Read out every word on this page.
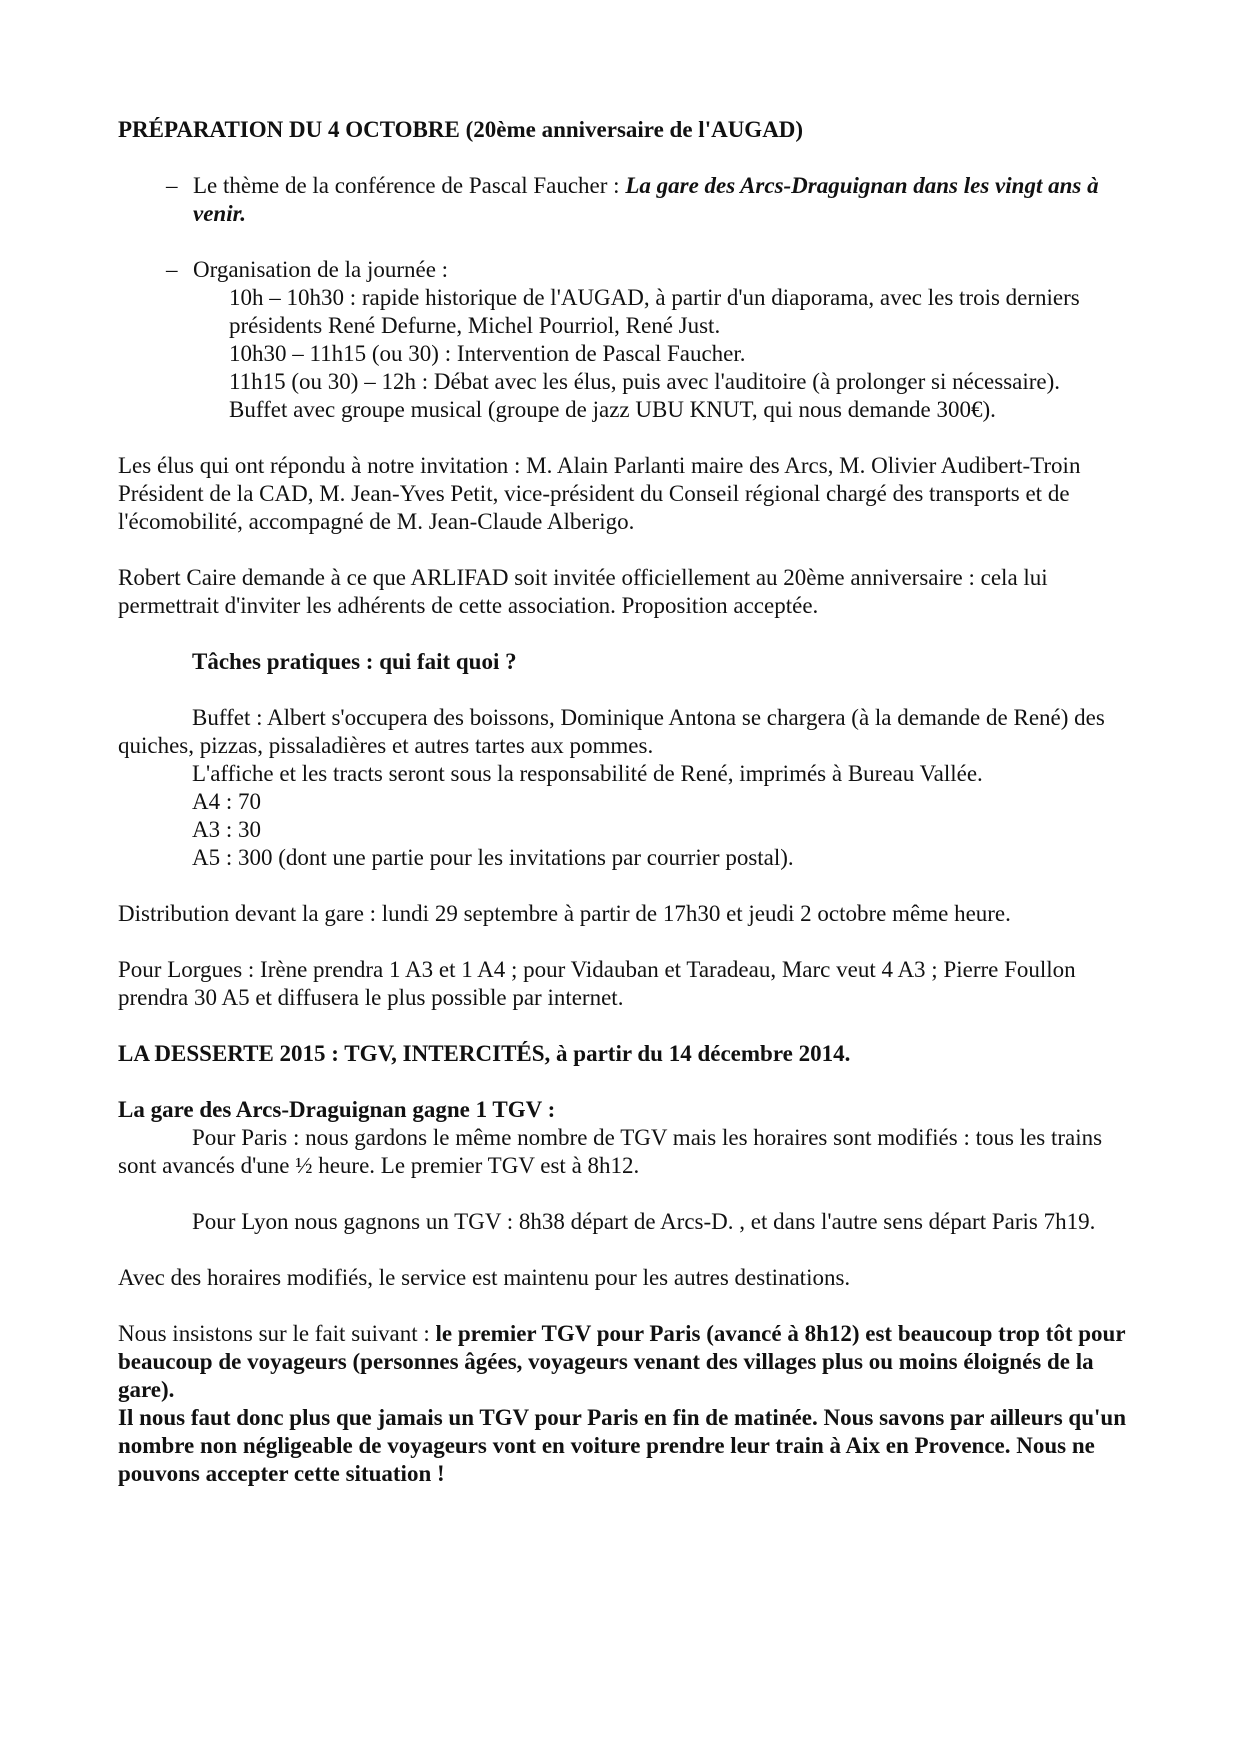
PRÉPARATION DU 4 OCTOBRE (20ème anniversaire de l'AUGAD)

– Le thème de la conférence de Pascal Faucher : La gare des Arcs-Draguignan dans les vingt ans à venir.
– Organisation de la journée :

10h – 10h30 : rapide historique de l'AUGAD, à partir d'un diaporama, avec les trois derniers présidents René Defurne, Michel Pourriol, René Just.

10h30 – 11h15 (ou 30) : Intervention de Pascal Faucher.

11h15 (ou 30) – 12h : Débat avec les élus, puis avec l'auditoire (à prolonger si nécessaire).

Buffet avec groupe musical (groupe de jazz UBU KNUT, qui nous demande 300€).

Les élus qui ont répondu à notre invitation : M. Alain Parlanti maire des Arcs, M. Olivier Audibert-Troin Président de la CAD, M. Jean-Yves Petit, vice-président du Conseil régional chargé des transports et de l'écomobilité, accompagné de M. Jean-Claude Alberigo.

Robert Caire demande à ce que ARLIFAD soit invitée officiellement au 20ème anniversaire : cela lui permettrait d'inviter les adhérents de cette association. Proposition acceptée.

Tâches pratiques : qui fait quoi ?

Buffet : Albert s'occupera des boissons, Dominique Antona se chargera (à la demande de René) des quiches, pizzas, pissaladières et autres tartes aux pommes.

L'affiche et les tracts seront sous la responsabilité de René, imprimés à Bureau Vallée.

A4 : 70

A3 : 30

A5 : 300 (dont une partie pour les invitations par courrier postal).

Distribution devant la gare : lundi 29 septembre à partir de 17h30 et jeudi 2 octobre même heure.

Pour Lorgues : Irène prendra 1 A3 et 1 A4 ; pour Vidauban et Taradeau, Marc veut 4 A3 ; Pierre Foullon prendra 30 A5 et diffusera le plus possible par internet.

LA DESSERTE 2015 : TGV, INTERCITÉS, à partir du 14 décembre 2014.

La gare des Arcs-Draguignan gagne 1 TGV :

Pour Paris : nous gardons le même nombre de TGV mais les horaires sont modifiés : tous les trains sont avancés d'une ½ heure. Le premier TGV est à 8h12.

Pour Lyon nous gagnons un TGV : 8h38 départ de Arcs-D. , et dans l'autre sens départ Paris 7h19.

Avec des horaires modifiés, le service est maintenu pour les autres destinations.

Nous insistons sur le fait suivant : le premier TGV pour Paris (avancé à 8h12) est beaucoup trop tôt pour beaucoup de voyageurs (personnes âgées, voyageurs venant des villages plus ou moins éloignés de la gare).

Il nous faut donc plus que jamais un TGV pour Paris en fin de matinée. Nous savons par ailleurs qu'un nombre non négligeable de voyageurs vont en voiture prendre leur train à Aix en Provence. Nous ne pouvons accepter cette situation !
